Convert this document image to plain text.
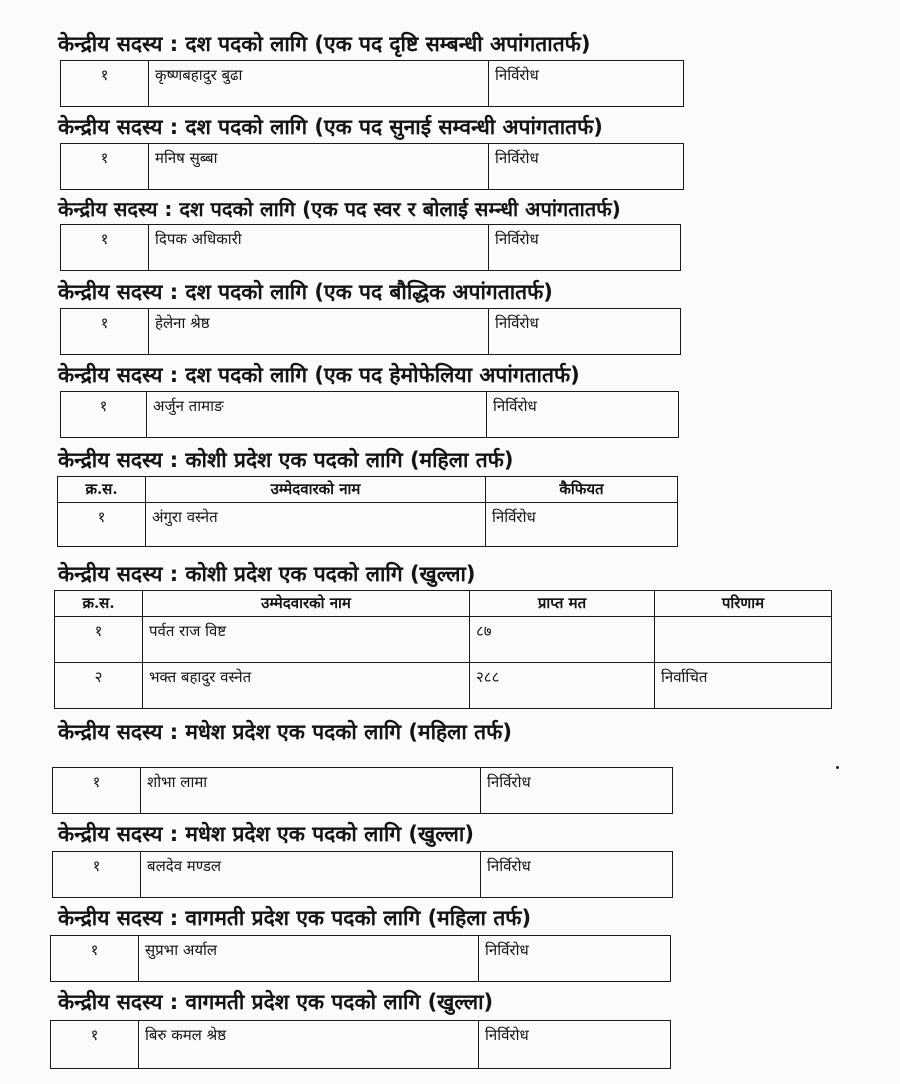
केन्द्रीय सदस्य : दश पदको लागि (एक पद दृष्टि सम्बन्धी अपांगतातर्फ)
१	कृष्णबहादुर बुढा	निर्विरोध
केन्द्रीय सदस्य : दश पदको लागि (एक पद सुनाई सम्वन्धी अपांगतातर्फ)
१	मनिष सुब्बा	निर्विरोध
केन्द्रीय सदस्य : दश पदको लागि (एक पद स्वर र बोलाई सम्न्धी अपांगतातर्फ)
१	दिपक अधिकारी	निर्विरोध
केन्द्रीय सदस्य : दश पदको लागि (एक पद बौद्धिक अपांगतातर्फ)
१	हेलेना श्रेष्ठ	निर्विरोध
केन्द्रीय सदस्य : दश पदको लागि (एक पद हेमोफेलिया अपांगतातर्फ)
१	अर्जुन तामाङ	निर्विरोध
केन्द्रीय सदस्य : कोशी प्रदेश एक पदको लागि (महिला तर्फ)
क्र.स.	उम्मेदवारको नाम	कैफियत
१	अंगुरा वस्नेत	निर्विरोध
केन्द्रीय सदस्य : कोशी प्रदेश एक पदको लागि (खुल्ला)
क्र.स.	उम्मेदवारको नाम	प्राप्त मत	परिणाम
१	पर्वत राज विष्ट	८७	
२	भक्त बहादुर वस्नेत	२८८	निर्वाचित
केन्द्रीय सदस्य : मधेश प्रदेश एक पदको लागि (महिला तर्फ)
१	शोभा लामा	निर्विरोध
केन्द्रीय सदस्य : मधेश प्रदेश एक पदको लागि (खुल्ला)
१	बलदेव मण्डल	निर्विरोध
केन्द्रीय सदस्य : वागमती प्रदेश एक पदको लागि (महिला तर्फ)
१	सुप्रभा अर्याल	निर्विरोध
केन्द्रीय सदस्य : वागमती प्रदेश एक पदको लागि (खुल्ला)
१	बिरु कमल श्रेष्ठ	निर्विरोध
